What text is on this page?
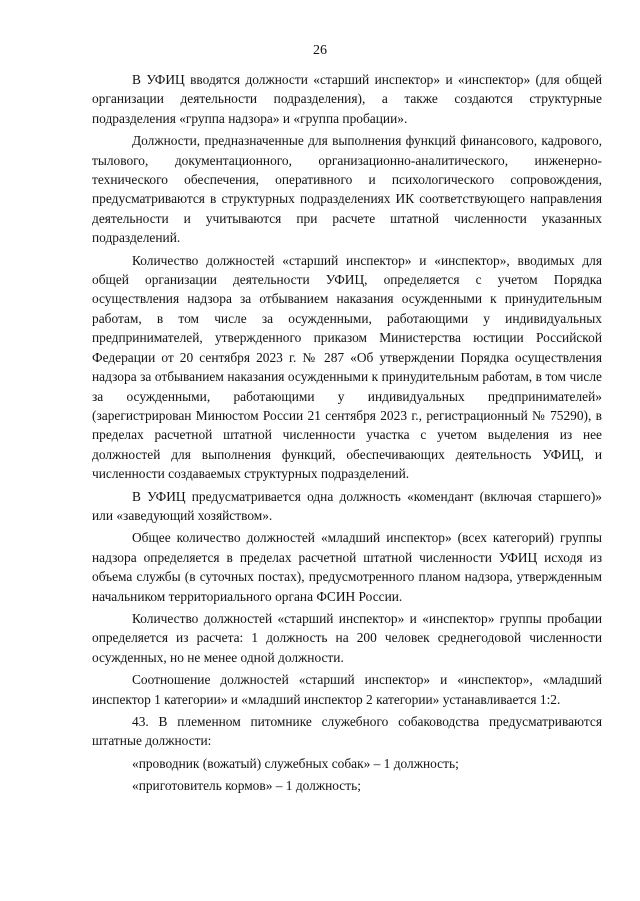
26

В УФИЦ вводятся должности «старший инспектор» и «инспектор» (для общей организации деятельности подразделения), а также создаются структурные подразделения «группа надзора» и «группа пробации».

Должности, предназначенные для выполнения функций финансового, кадрового, тылового, документационного, организационно-аналитического, инженерно-технического обеспечения, оперативного и психологического сопровождения, предусматриваются в структурных подразделениях ИК соответствующего направления деятельности и учитываются при расчете штатной численности указанных подразделений.

Количество должностей «старший инспектор» и «инспектор», вводимых для общей организации деятельности УФИЦ, определяется с учетом Порядка осуществления надзора за отбыванием наказания осужденными к принудительным работам, в том числе за осужденными, работающими у индивидуальных предпринимателей, утвержденного приказом Министерства юстиции Российской Федерации от 20 сентября 2023 г. № 287 «Об утверждении Порядка осуществления надзора за отбыванием наказания осужденными к принудительным работам, в том числе за осужденными, работающими у индивидуальных предпринимателей» (зарегистрирован Минюстом России 21 сентября 2023 г., регистрационный № 75290), в пределах расчетной штатной численности участка с учетом выделения из нее должностей для выполнения функций, обеспечивающих деятельность УФИЦ, и численности создаваемых структурных подразделений.

В УФИЦ предусматривается одна должность «комендант (включая старшего)» или «заведующий хозяйством».

Общее количество должностей «младший инспектор» (всех категорий) группы надзора определяется в пределах расчетной штатной численности УФИЦ исходя из объема службы (в суточных постах), предусмотренного планом надзора, утвержденным начальником территориального органа ФСИН России.

Количество должностей «старший инспектор» и «инспектор» группы пробации определяется из расчета: 1 должность на 200 человек среднегодовой численности осужденных, но не менее одной должности.

Соотношение должностей «старший инспектор» и «инспектор», «младший инспектор 1 категории» и «младший инспектор 2 категории» устанавливается 1:2.

43. В племенном питомнике служебного собаководства предусматриваются штатные должности:

«проводник (вожатый) служебных собак» – 1 должность;

«приготовитель кормов» – 1 должность;
